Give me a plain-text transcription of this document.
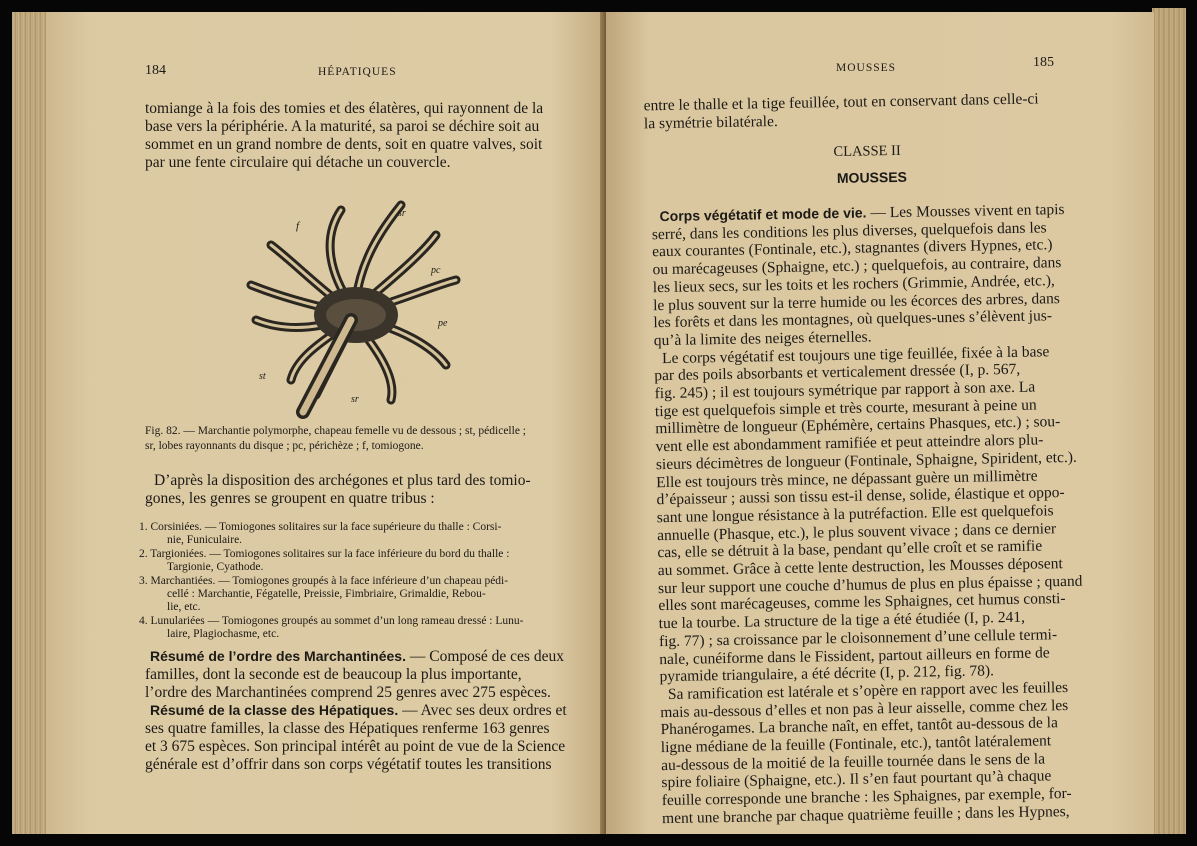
184	HÉPATIQUES
tomiange à la fois des tomies et des élatères, qui rayonnent de la
base vers la périphérie. A la maturité, sa paroi se déchire soit au
sommet en un grand nombre de dents, soit en quatre valves, soit
par une fente circulaire qui détache un couvercle.
f
sr
pc
pe
st
sr
Fig. 82. — Marchantie polymorphe, chapeau femelle vu de dessous ; st, pédicelle ;
sr, lobes rayonnants du disque ; pc, périchèze ; f, tomiogone.
D’après la disposition des archégones et plus tard des tomio-
gones, les genres se groupent en quatre tribus :
1. Corsiniées. — Tomiogones solitaires sur la face supérieure du thalle : Corsi-
nie, Funiculaire.
2. Targioniées. — Tomiogones solitaires sur la face inférieure du bord du thalle :
Targionie, Cyathode.
3. Marchantiées. — Tomiogones groupés à la face inférieure d’un chapeau pédi-
cellé : Marchantie, Fégatelle, Preissie, Fimbriaire, Grimaldie, Rebou-
lie, etc.
4. Lunulariées — Tomiogones groupés au sommet d’un long rameau dressé : Lunu-
laire, Plagiochasme, etc.
Résumé de l’ordre des Marchantinées. — Composé de ces deux
familles, dont la seconde est de beaucoup la plus importante,
l’ordre des Marchantinées comprend 25 genres avec 275 espèces.
Résumé de la classe des Hépatiques. — Avec ses deux ordres et
ses quatre familles, la classe des Hépatiques renferme 163 genres
et 3 675 espèces. Son principal intérêt au point de vue de la Science
générale est d’offrir dans son corps végétatif toutes les transitions
MOUSSES	185
entre le thalle et la tige feuillée, tout en conservant dans celle-ci
la symétrie bilatérale.
CLASSE II
MOUSSES
Corps végétatif et mode de vie. — Les Mousses vivent en tapis
serré, dans les conditions les plus diverses, quelquefois dans les
eaux courantes (Fontinale, etc.), stagnantes (divers Hypnes, etc.)
ou marécageuses (Sphaigne, etc.) ; quelquefois, au contraire, dans
les lieux secs, sur les toits et les rochers (Grimmie, Andrée, etc.),
le plus souvent sur la terre humide ou les écorces des arbres, dans
les forêts et dans les montagnes, où quelques-unes s’élèvent jus-
qu’à la limite des neiges éternelles.
Le corps végétatif est toujours une tige feuillée, fixée à la base
par des poils absorbants et verticalement dressée (I, p. 567,
fig. 245) ; il est toujours symétrique par rapport à son axe. La
tige est quelquefois simple et très courte, mesurant à peine un
millimètre de longueur (Ephémère, certains Phasques, etc.) ; sou-
vent elle est abondamment ramifiée et peut atteindre alors plu-
sieurs décimètres de longueur (Fontinale, Sphaigne, Spirident, etc.).
Elle est toujours très mince, ne dépassant guère un millimètre
d’épaisseur ; aussi son tissu est-il dense, solide, élastique et oppo-
sant une longue résistance à la putréfaction. Elle est quelquefois
annuelle (Phasque, etc.), le plus souvent vivace ; dans ce dernier
cas, elle se détruit à la base, pendant qu’elle croît et se ramifie
au sommet. Grâce à cette lente destruction, les Mousses déposent
sur leur support une couche d’humus de plus en plus épaisse ; quand
elles sont marécageuses, comme les Sphaignes, cet humus consti-
tue la tourbe. La structure de la tige a été étudiée (I, p. 241,
fig. 77) ; sa croissance par le cloisonnement d’une cellule termi-
nale, cunéiforme dans le Fissident, partout ailleurs en forme de
pyramide triangulaire, a été décrite (I, p. 212, fig. 78).
Sa ramification est latérale et s’opère en rapport avec les feuilles
mais au-dessous d’elles et non pas à leur aisselle, comme chez les
Phanérogames. La branche naît, en effet, tantôt au-dessous de la
ligne médiane de la feuille (Fontinale, etc.), tantôt latéralement
au-dessous de la moitié de la feuille tournée dans le sens de la
spire foliaire (Sphaigne, etc.). Il s’en faut pourtant qu’à chaque
feuille corresponde une branche : les Sphaignes, par exemple, for-
ment une branche par chaque quatrième feuille ; dans les Hypnes,
